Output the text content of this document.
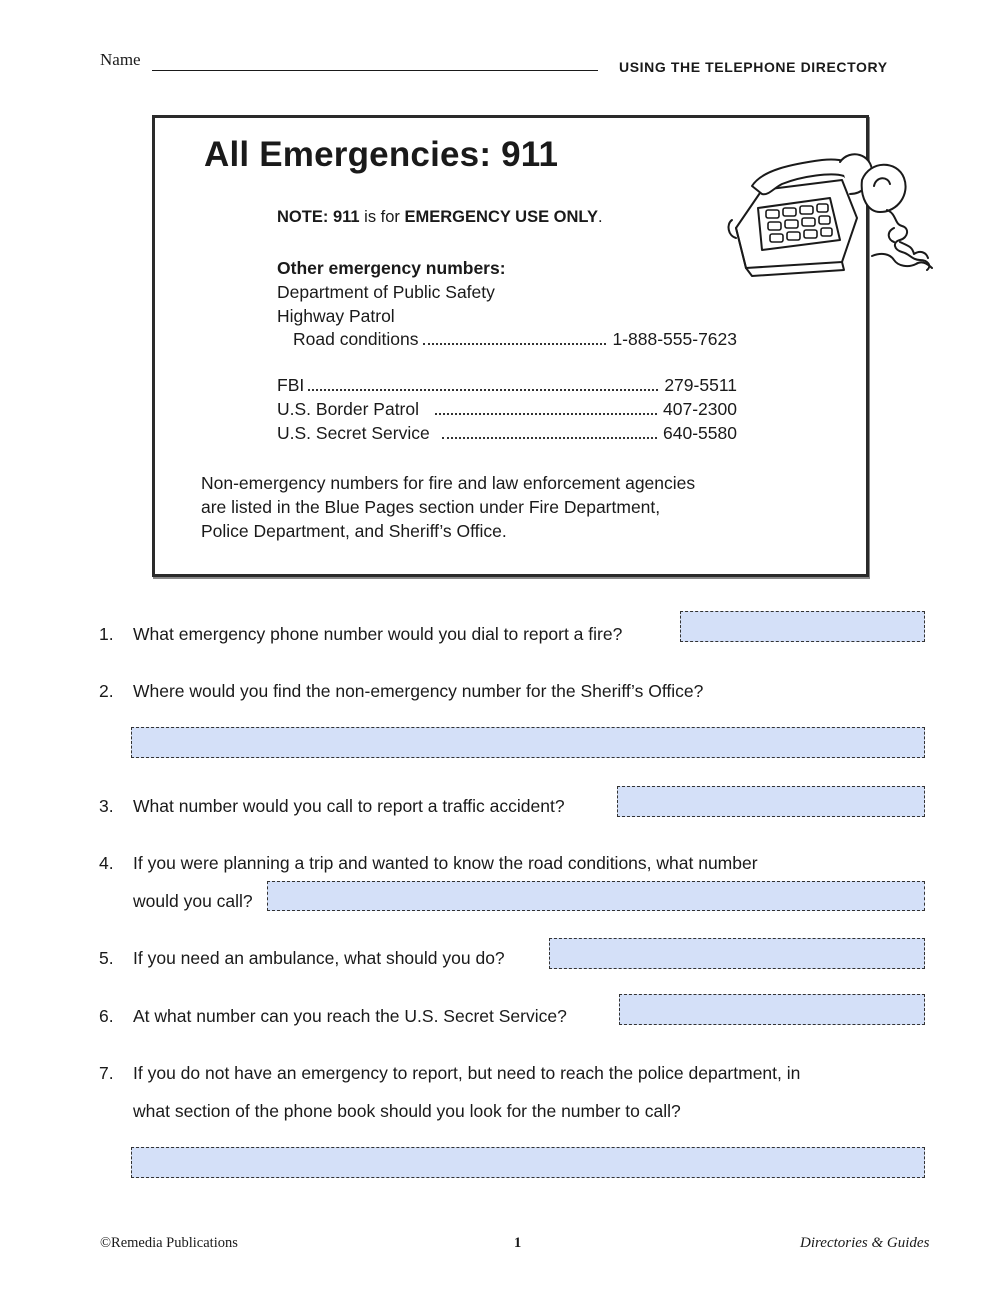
Name	USING THE TELEPHONE DIRECTORY
All Emergencies: 911
NOTE: 911 is for EMERGENCY USE ONLY.
Other emergency numbers:
Department of Public Safety
Highway Patrol
Road conditions	1-888-555-7623
FBI	279-5511
U.S. Border Patrol	407-2300
U.S. Secret Service	640-5580
Non-emergency numbers for fire and law enforcement agencies
are listed in the Blue Pages section under Fire Department,
Police Department, and Sheriff’s Office.
1. What emergency phone number would you dial to report a fire?
2. Where would you find the non-emergency number for the Sheriff’s Office?
3. What number would you call to report a traffic accident?
4. If you were planning a trip and wanted to know the road conditions, what number
would you call?
5. If you need an ambulance, what should you do?
6. At what number can you reach the U.S. Secret Service?
7. If you do not have an emergency to report, but need to reach the police department, in
what section of the phone book should you look for the number to call?
©Remedia Publications	1	Directories & Guides
